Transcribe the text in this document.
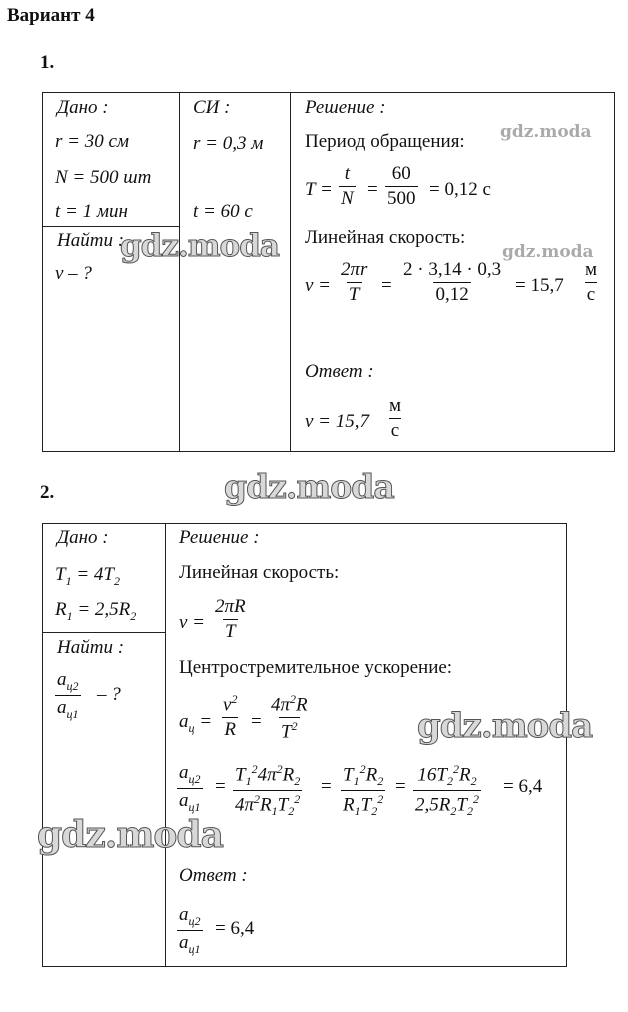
Вариант 4
1.
Дано :
r = 30 см
N = 500 шт
t = 1 мин
Найти :
v – ?
СИ :
r = 0,3 м
t = 60 с
Решение :
Период обращения:
$T = \frac{t}{N} = \frac{60}{500} = 0,12$ с
Линейная скорость:
$v = \frac{2\pi r}{T} = \frac{2 \cdot 3,14 \cdot 0,3}{0,12} = 15,7$
м
с
Ответ :
v = 15,7
м
с
2.
Дано :
$T_1 = 4T_2$
$R_1 = 2,5R_2$
Найти :
$a_{ц2}$
$a_{ц1}$
– ?
Решение :
Линейная скорость:
$v = \frac{2\pi R}{T}$
Центростремительное ускорение:
$a_ц = \frac{v^2}{R} = \frac{4\pi^2R}{T^2}$
$a_{ц2}$
$a_{ц1}$
= $\frac{T_1^24\pi^2R_2}{4\pi^2R_1T_2^2} = \frac{T_1^2R_2}{R_1T_2^2} = \frac{16T_2^2R_2}{2,5R_2T_2^2} = 6,4$
Ответ :
$a_{ц2}$
$a_{ц1}$
= 6,4
gdz.moda
gdz.moda
gdz.moda
gdz.moda
gdz.moda
gdz.moda
